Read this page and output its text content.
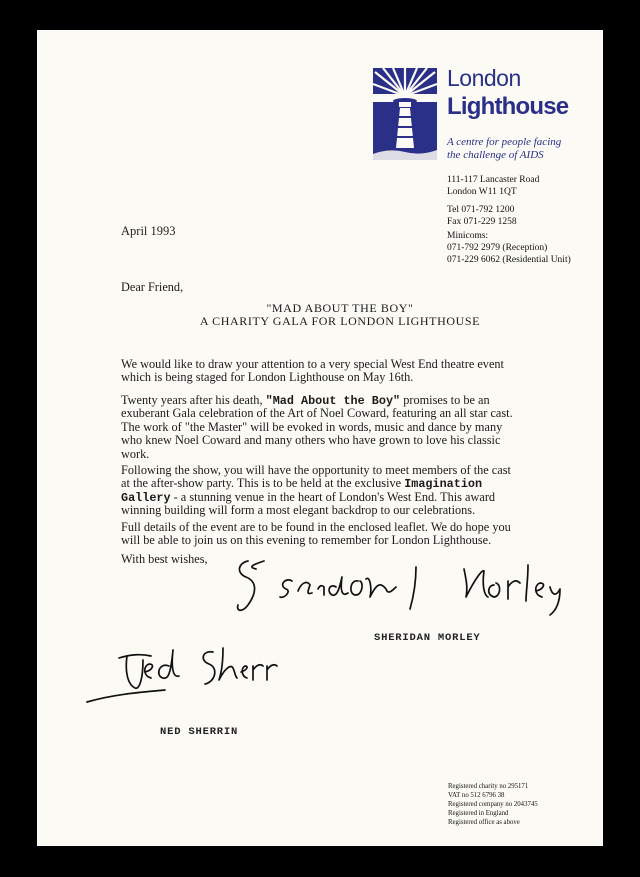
London
Lighthouse
A centre for people facing
the challenge of AIDS
111-117 Lancaster Road
London W11 1QT
Tel 071-792 1200
Fax 071-229 1258
Minicoms:
071-792 2979 (Reception)
071-229 6062 (Residential Unit)
April 1993
Dear Friend,
"MAD ABOUT THE BOY"
A CHARITY GALA FOR LONDON LIGHTHOUSE
We would like to draw your attention to a very special West End theatre event
which is being staged for London Lighthouse on May 16th.
Twenty years after his death, "Mad About the Boy" promises to be an
exuberant Gala celebration of the Art of Noel Coward, featuring an all star cast.
The work of "the Master" will be evoked in words, music and dance by many
who knew Noel Coward and many others who have grown to love his classic
work.
Following the show, you will have the opportunity to meet members of the cast
at the after-show party. This is to be held at the exclusive Imagination
Gallery - a stunning venue in the heart of London's West End. This award
winning building will form a most elegant backdrop to our celebrations.
Full details of the event are to be found in the enclosed leaflet. We do hope you
will be able to join us on this evening to remember for London Lighthouse.
With best wishes,
SHERIDAN MORLEY
NED SHERRIN
Registered charity no 295171
VAT no 512 6796 38
Registered company no 2043745
Registered in England
Registered office as above
